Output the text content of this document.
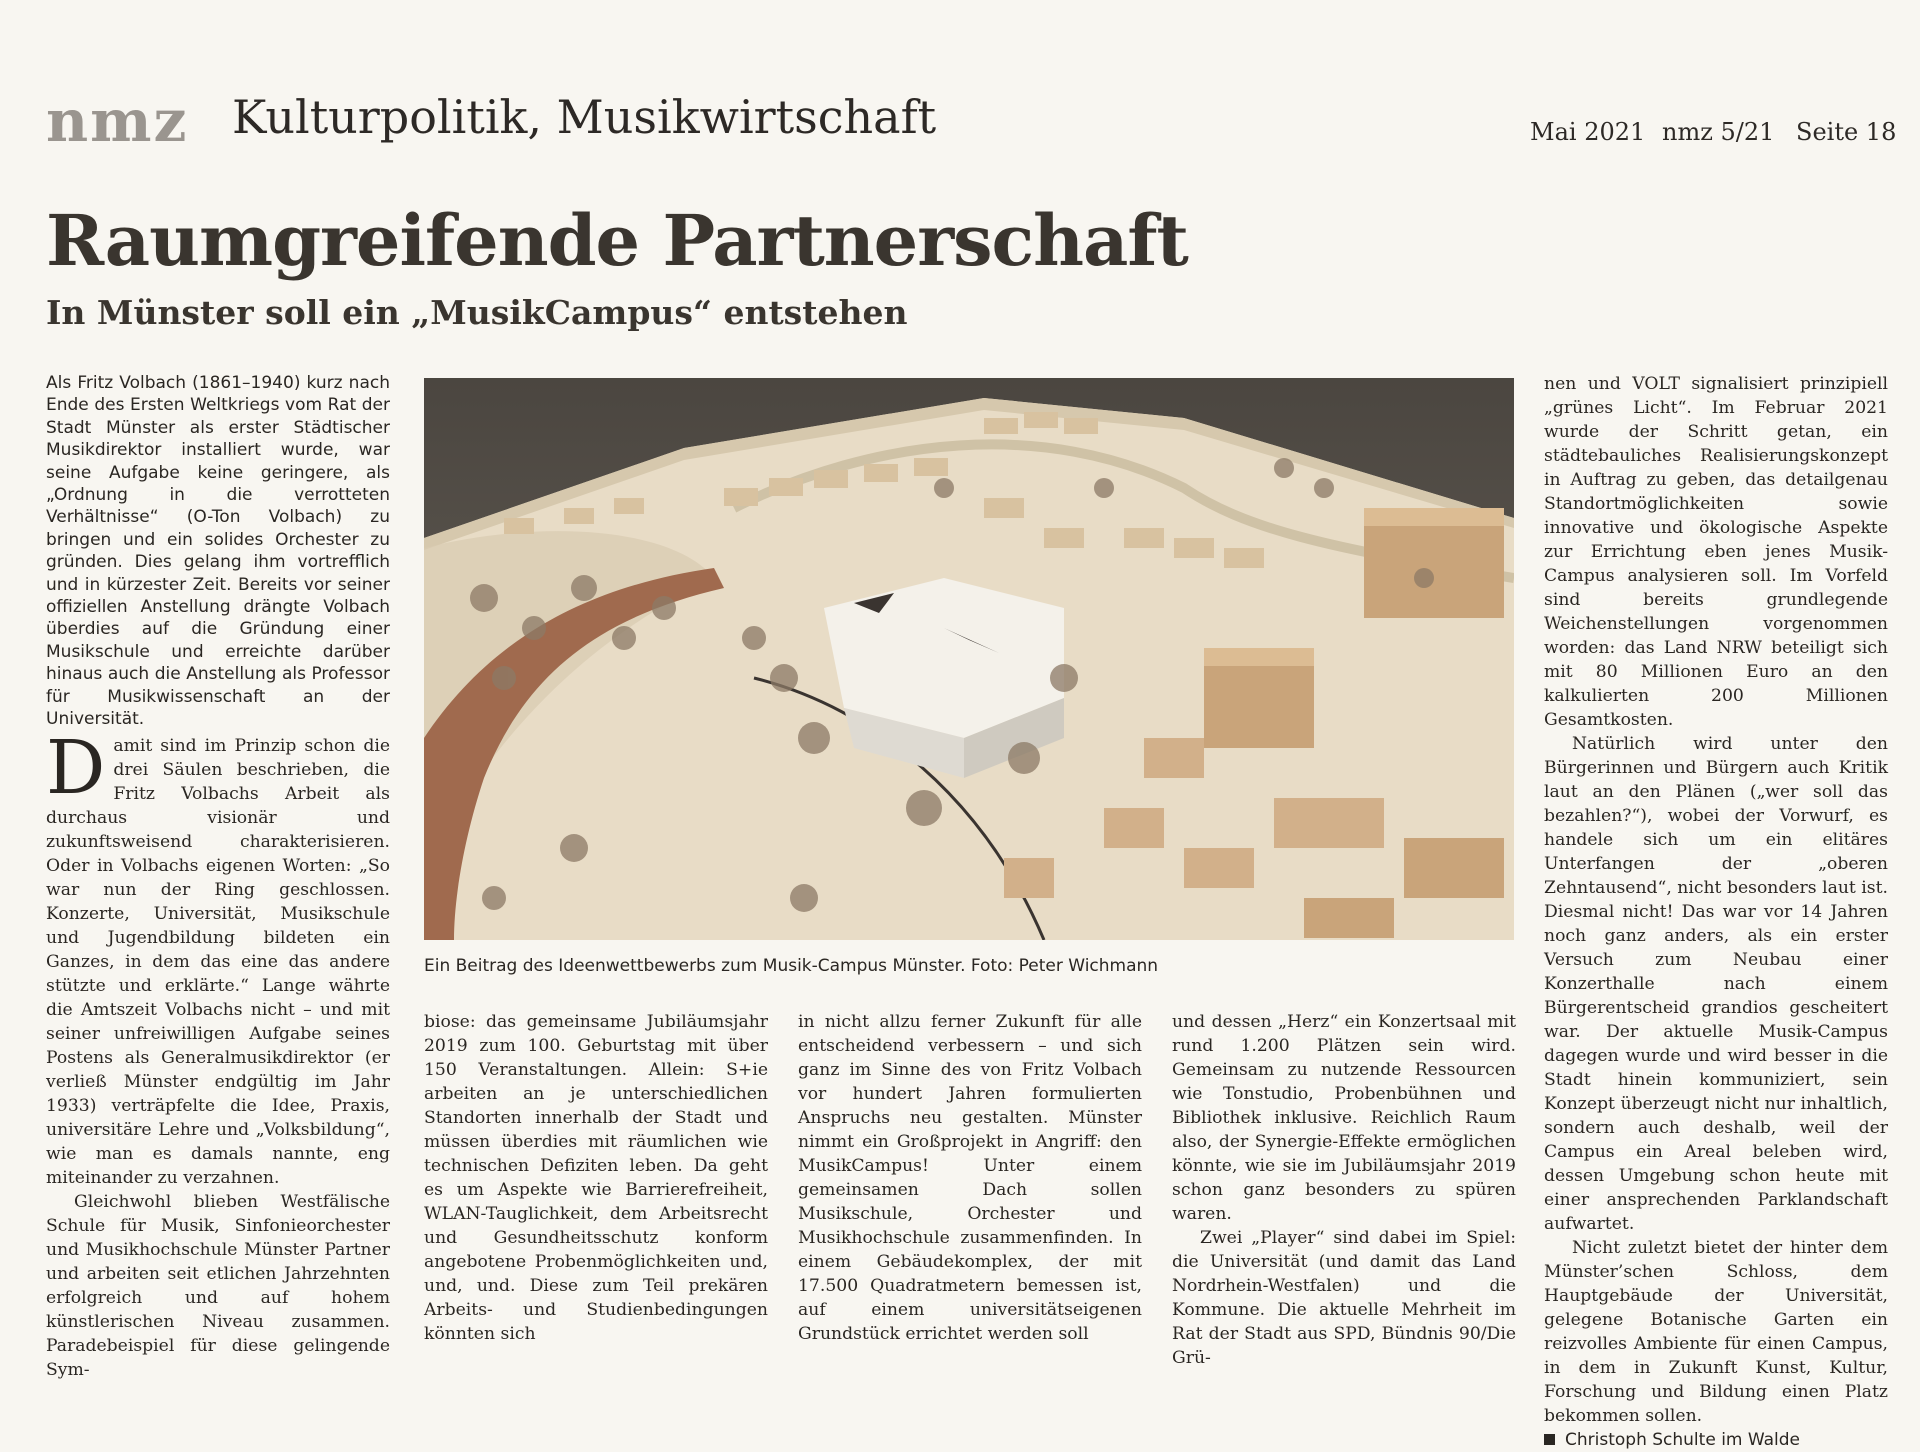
nmz Kulturpolitik, Musikwirtschaft	Mai 2021 nmz 5/21 Seite 18
Raumgreifende Partnerschaft
In Münster soll ein „MusikCampus“ entstehen

Als Fritz Volbach (1861–1940) kurz nach Ende des Ersten Weltkriegs vom Rat der Stadt Münster als erster Städtischer Musikdirektor installiert wurde, war seine Aufgabe keine geringere, als „Ordnung in die verrotteten Verhältnisse“ (O-Ton Volbach) zu bringen und ein solides Orchester zu gründen. Dies gelang ihm vortrefflich und in kürzester Zeit. Bereits vor seiner offiziellen Anstellung drängte Volbach überdies auf die Gründung einer Musikschule und erreichte darüber hinaus auch die Anstellung als Professor für Musikwissenschaft an der Universität.

Damit sind im Prinzip schon die drei Säulen beschrieben, die Fritz Volbachs Arbeit als durchaus visionär und zukunftsweisend charakterisieren. Oder in Volbachs eigenen Worten: „So war nun der Ring geschlossen. Konzerte, Universität, Musikschule und Jugendbildung bildeten ein Ganzes, in dem das eine das andere stützte und erklärte.“ Lange währte die Amtszeit Volbachs nicht – und mit seiner unfreiwilligen Aufgabe seines Postens als Generalmusikdirektor (er verließ Münster endgültig im Jahr 1933) verträpfelte die Idee, Praxis, universitäre Lehre und „Volksbildung“, wie man es damals nannte, eng miteinander zu verzahnen.

Gleichwohl blieben Westfälische Schule für Musik, Sinfonieorchester und Musikhochschule Münster Partner und arbeiten seit etlichen Jahrzehnten erfolgreich und auf hohem künstlerischen Niveau zusammen. Paradebeispiel für diese gelingende Sym-

Ein Beitrag des Ideenwettbewerbs zum Musik-Campus Münster. Foto: Peter Wichmann

biose: das gemeinsame Jubiläumsjahr 2019 zum 100. Geburtstag mit über 150 Veranstaltungen. Allein: S+ie arbeiten an je unterschiedlichen Standorten innerhalb der Stadt und müssen überdies mit räumlichen wie technischen Defiziten leben. Da geht es um Aspekte wie Barrierefreiheit, WLAN-Tauglichkeit, dem Arbeitsrecht und Gesundheitsschutz konform angebotene Probenmöglichkeiten und, und, und. Diese zum Teil prekären Arbeits- und Studienbedingungen könnten sich

in nicht allzu ferner Zukunft für alle entscheidend verbessern – und sich ganz im Sinne des von Fritz Volbach vor hundert Jahren formulierten Anspruchs neu gestalten. Münster nimmt ein Großprojekt in Angriff: den MusikCampus! Unter einem gemeinsamen Dach sollen Musikschule, Orchester und Musikhochschule zusammenfinden. In einem Gebäudekomplex, der mit 17.500 Quadratmetern bemessen ist, auf einem universitätseigenen Grundstück errichtet werden soll

und dessen „Herz“ ein Konzertsaal mit rund 1.200 Plätzen sein wird. Gemeinsam zu nutzende Ressourcen wie Tonstudio, Probenbühnen und Bibliothek inklusive. Reichlich Raum also, der Synergie-Effekte ermöglichen könnte, wie sie im Jubiläumsjahr 2019 schon ganz besonders zu spüren waren.

Zwei „Player“ sind dabei im Spiel: die Universität (und damit das Land Nordrhein-Westfalen) und die Kommune. Die aktuelle Mehrheit im Rat der Stadt aus SPD, Bündnis 90/Die Grü-

nen und VOLT signalisiert prinzipiell „grünes Licht“. Im Februar 2021 wurde der Schritt getan, ein städtebauliches Realisierungskonzept in Auftrag zu geben, das detailgenau Standortmöglichkeiten sowie innovative und ökologische Aspekte zur Errichtung eben jenes Musik-Campus analysieren soll. Im Vorfeld sind bereits grundlegende Weichenstellungen vorgenommen worden: das Land NRW beteiligt sich mit 80 Millionen Euro an den kalkulierten 200 Millionen Gesamtkosten.

Natürlich wird unter den Bürgerinnen und Bürgern auch Kritik laut an den Plänen („wer soll das bezahlen?“), wobei der Vorwurf, es handele sich um ein elitäres Unterfangen der „oberen Zehntausend“, nicht besonders laut ist. Diesmal nicht! Das war vor 14 Jahren noch ganz anders, als ein erster Versuch zum Neubau einer Konzerthalle nach einem Bürgerentscheid grandios gescheitert war. Der aktuelle Musik-Campus dagegen wurde und wird besser in die Stadt hinein kommuniziert, sein Konzept überzeugt nicht nur inhaltlich, sondern auch deshalb, weil der Campus ein Areal beleben wird, dessen Umgebung schon heute mit einer ansprechenden Parklandschaft aufwartet.

Nicht zuletzt bietet der hinter dem Münster’schen Schloss, dem Hauptgebäude der Universität, gelegene Botanische Garten ein reizvolles Ambiente für einen Campus, in dem in Zukunft Kunst, Kultur, Forschung und Bildung einen Platz bekommen sollen.

Christoph Schulte im Walde
